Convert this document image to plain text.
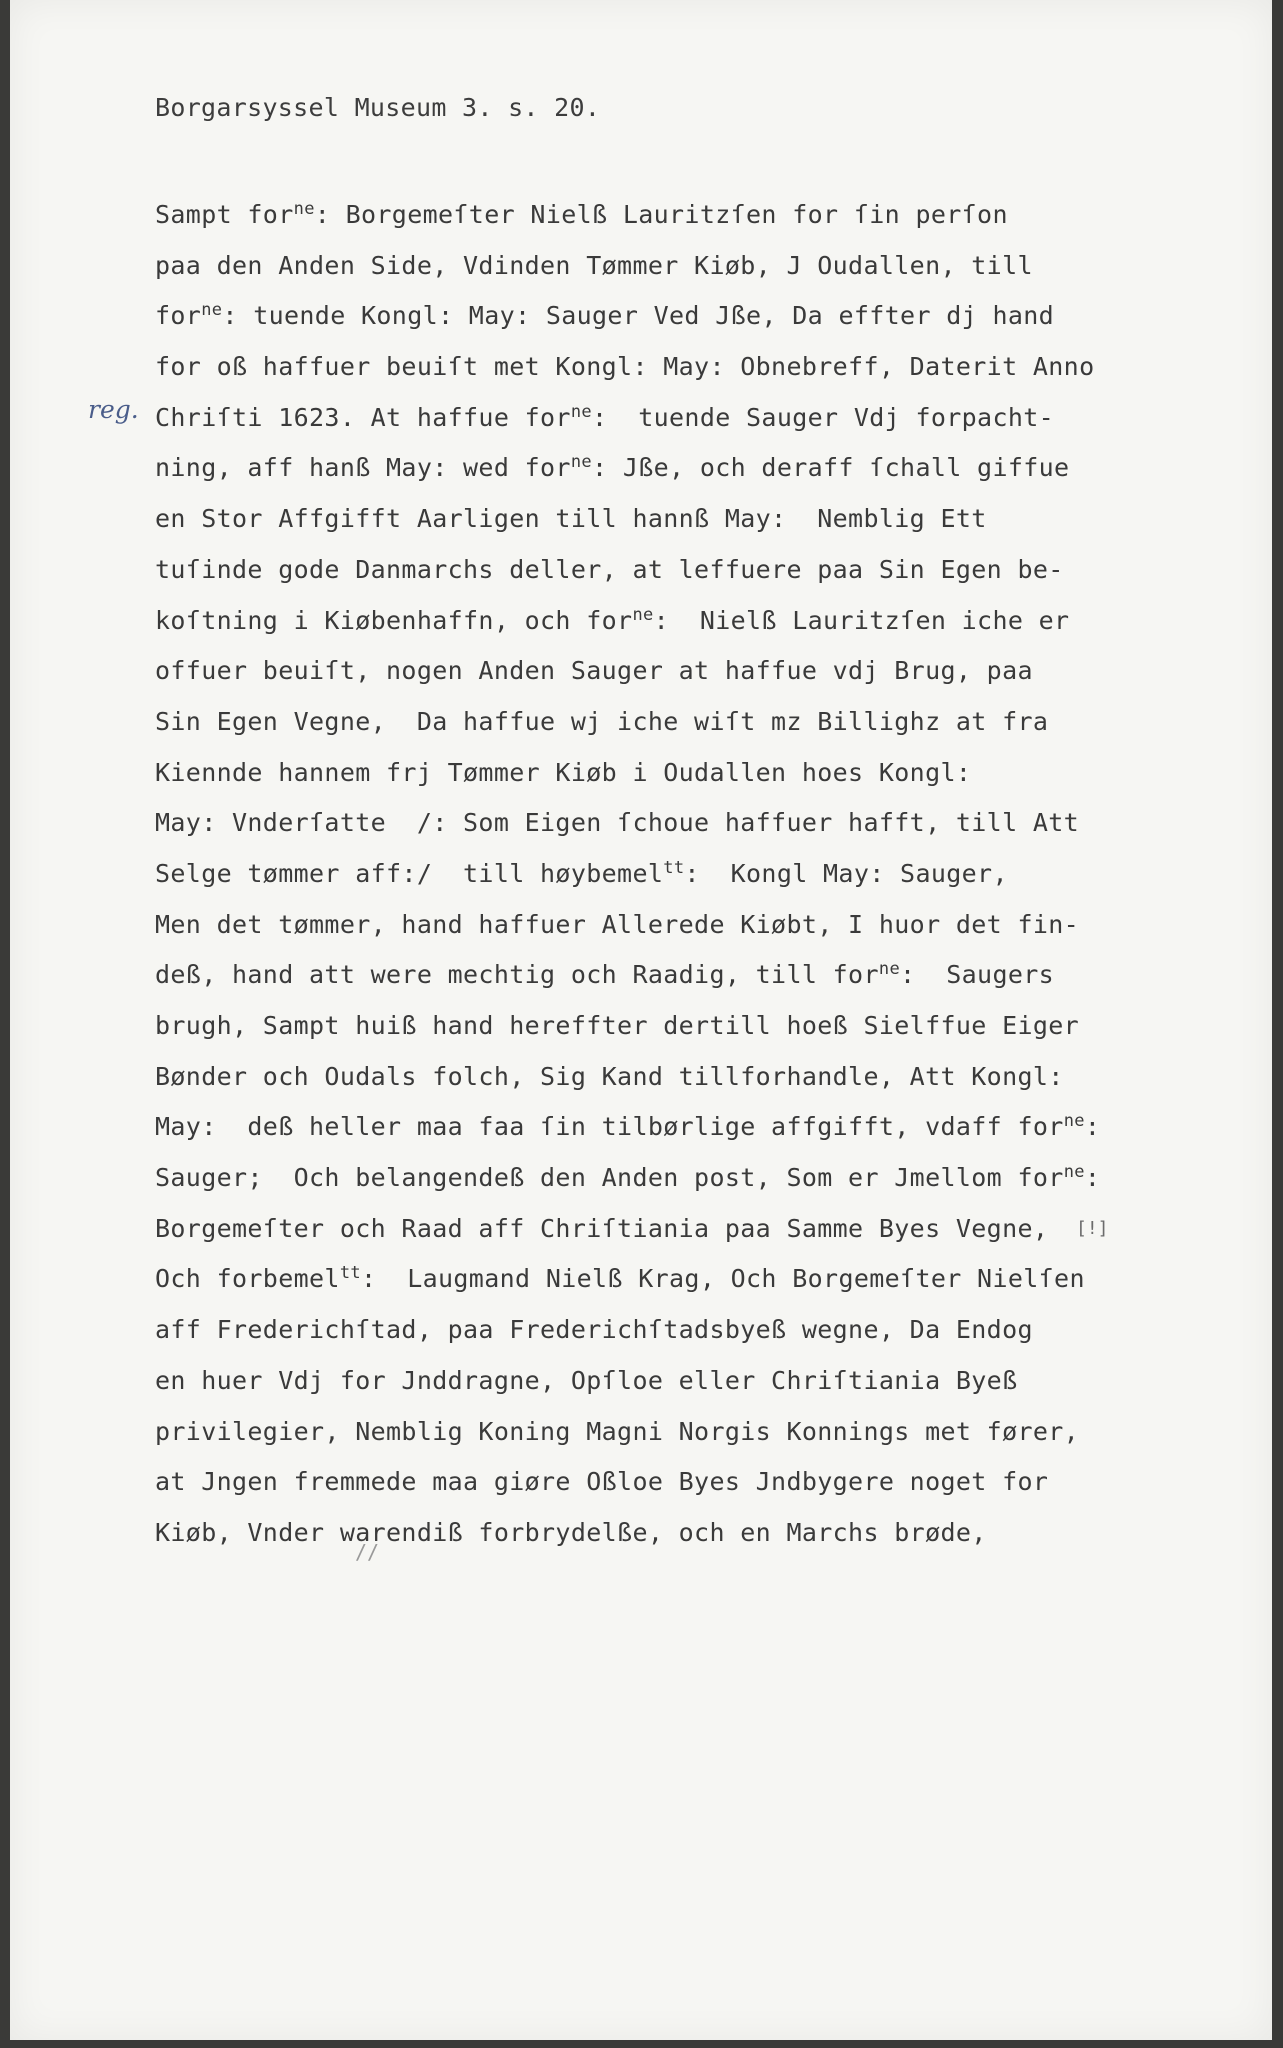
Borgarsyssel Museum 3. s. 20.
reg.
[!]
//
Sampt for$^{ne}$: Borgemeſter Nielß Lauritzſen for ſin perſon
paa den Anden Side, Vdinden Tømmer Kiøb, J Oudallen, till
for$^{ne}$: tuende Kongl: May: Sauger Ved Jße, Da effter dj hand
for oß haffuer beuiſt met Kongl: May: Obnebreff, Daterit Anno
Chriſti 1623. At haffue for$^{ne}$:  tuende Sauger Vdj forpacht-
ning, aff hanß May: wed for$^{ne}$: Jße, och deraff ſchall giffue
en Stor Affgifft Aarligen till hannß May:  Nemblig Ett
tuſinde gode Danmarchs deller, at leffuere paa Sin Egen be-
koſtning i Kiøbenhaffn, och for$^{ne}$:  Nielß Lauritzſen iche er
offuer beuiſt, nogen Anden Sauger at haffue vdj Brug, paa
Sin Egen Vegne,  Da haffue wj iche wiſt mz Billighz at fra
Kiennde hannem frj Tømmer Kiøb i Oudallen hoes Kongl:
May: Vnderſatte  /: Som Eigen ſchoue haffuer hafft, till Att
Selge tømmer aff:/  till høybemel$^{tt}$:  Kongl May: Sauger,
Men det tømmer, hand haffuer Allerede Kiøbt, I huor det fin-
deß, hand att were mechtig och Raadig, till for$^{ne}$:  Saugers
brugh, Sampt huiß hand hereffter dertill hoeß Sielffue Eiger
Bønder och Oudals folch, Sig Kand tillforhandle, Att Kongl:
May:  deß heller maa faa ſin tilbørlige affgifft, vdaff for$^{ne}$:
Sauger;  Och belangendeß den Anden post, Som er Jmellom for$^{ne}$:
Borgemeſter och Raad aff Chriſtiania paa Samme Byes Vegne,
Och forbemel$^{tt}$:  Laugmand Nielß Krag, Och Borgemeſter Nielſen
aff Frederichſtad, paa Frederichſtadsbyeß wegne, Da Endog
en huer Vdj for Jnddragne, Opſloe eller Chriſtiania Byeß
privilegier, Nemblig Koning Magni Norgis Konnings met fører,
at Jngen fremmede maa giøre Oßloe Byes Jndbygere noget for
Kiøb, Vnder warendiß forbrydelße, och en Marchs brøde,
